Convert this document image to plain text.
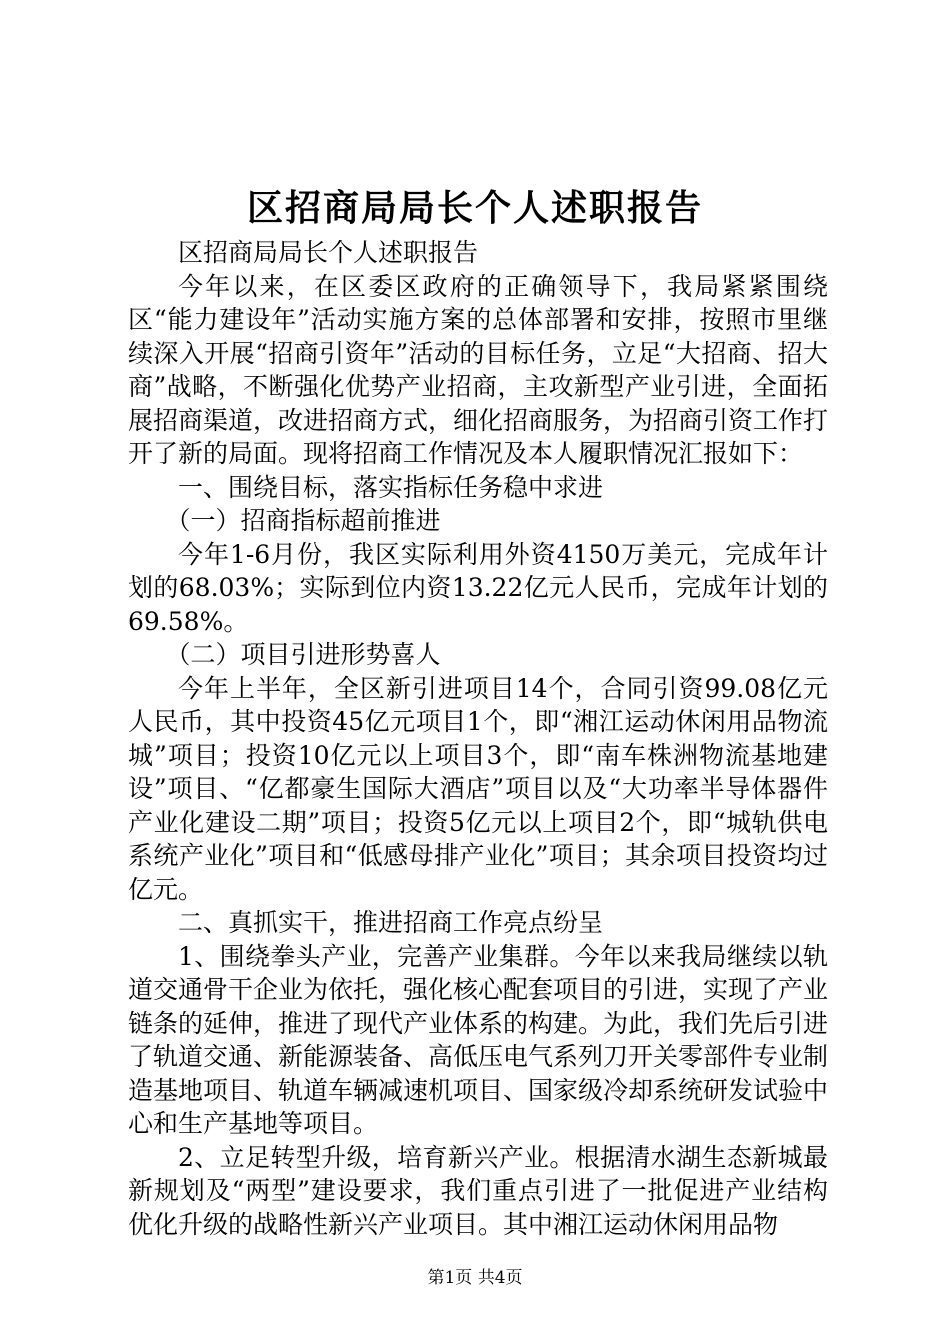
区招商局局长个人述职报告

区招商局局长个人述职报告

今年以来，在区委区政府的正确领导下，我局紧紧围绕区“能力建设年”活动实施方案的总体部署和安排，按照市里继续深入开展“招商引资年”活动的目标任务，立足“大招商、招大商”战略，不断强化优势产业招商，主攻新型产业引进，全面拓展招商渠道，改进招商方式，细化招商服务，为招商引资工作打开了新的局面。现将招商工作情况及本人履职情况汇报如下：

一、围绕目标，落实指标任务稳中求进

（一）招商指标超前推进

今年1-6月份，我区实际利用外资4150万美元，完成年计划的68.03%；实际到位内资13.22亿元人民币，完成年计划的69.58%。

（二）项目引进形势喜人

今年上半年，全区新引进项目14个，合同引资99.08亿元人民币，其中投资45亿元项目1个，即“湘江运动休闲用品物流城”项目；投资10亿元以上项目3个，即“南车株洲物流基地建设”项目、“亿都豪生国际大酒店”项目以及“大功率半导体器件产业化建设二期”项目；投资5亿元以上项目2个，即“城轨供电系统产业化”项目和“低感母排产业化”项目；其余项目投资均过亿元。

二、真抓实干，推进招商工作亮点纷呈

1、围绕拳头产业，完善产业集群。今年以来我局继续以轨道交通骨干企业为依托，强化核心配套项目的引进，实现了产业链条的延伸，推进了现代产业体系的构建。为此，我们先后引进了轨道交通、新能源装备、高低压电气系列刀开关零部件专业制造基地项目、轨道车辆减速机项目、国家级冷却系统研发试验中心和生产基地等项目。

2、立足转型升级，培育新兴产业。根据清水湖生态新城最新规划及“两型”建设要求，我们重点引进了一批促进产业结构优化升级的战略性新兴产业项目。其中湘江运动休闲用品物

第1页 共4页
